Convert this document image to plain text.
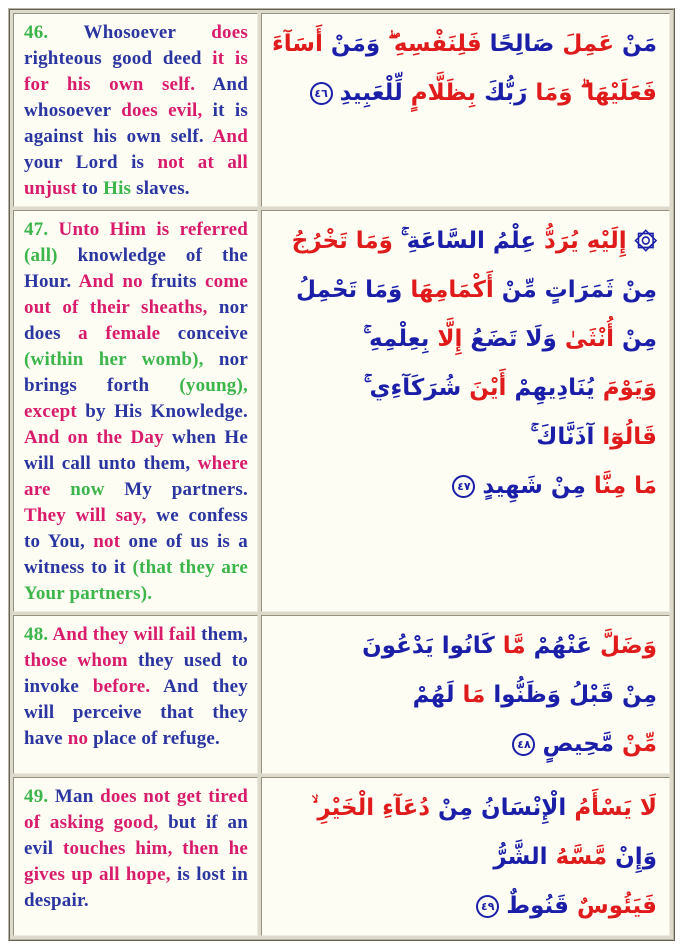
46. Whosoever does righteous good deed it is for his own self. And whosoever does evil, it is against his own self. And your Lord is not at all unjust to His slaves.

مَنْ عَمِلَ صَالِحًا فَلِنَفْسِهِ ۖ وَمَنْ أَسَآءَ
فَعَلَيْهَا ۗ وَمَا رَبُّكَ بِظَلَّامٍ لِّلْعَبِيدِ٤٦

47. Unto Him is referred (all) knowledge of the Hour. And no fruits come out of their sheaths, nor does a female conceive (within her womb), nor brings forth (young), except by His Knowledge. And on the Day when He will call unto them, where are now My partners. They will say, we confess to You, not one of us is a witness to it (that they are Your partners).

۞ إِلَيْهِ يُرَدُّ عِلْمُ السَّاعَةِ ۚ وَمَا تَخْرُجُ
مِنْ ثَمَرَاتٍ مِّنْ أَكْمَامِهَا وَمَا تَحْمِلُ
مِنْ أُنْثَىٰ وَلَا تَضَعُ إِلَّا بِعِلْمِهِ ۚ
وَيَوْمَ يُنَادِيهِمْ أَيْنَ شُرَكَآءِي ۚ
قَالُوٓا آذَنَّاكَ ۚ
مَا مِنَّا مِنْ شَهِيدٍ٤٧

48. And they will fail them, those whom they used to invoke before. And they will perceive that they have no place of refuge.

وَضَلَّ عَنْهُمْ مَّا كَانُوا يَدْعُونَ
مِنْ قَبْلُ وَظَنُّوا مَا لَهُمْ
مِّنْ مَّحِيصٍ٤٨

49. Man does not get tired of asking good, but if an evil touches him, then he gives up all hope, is lost in despair.

لَا يَسْأَمُ الْإِنْسَانُ مِنْ دُعَآءِ الْخَيْرِ ۙ
وَإِنْ مَّسَّهُ الشَّرُّ
فَيَئُوسٌ قَنُوطٌ٤٩
